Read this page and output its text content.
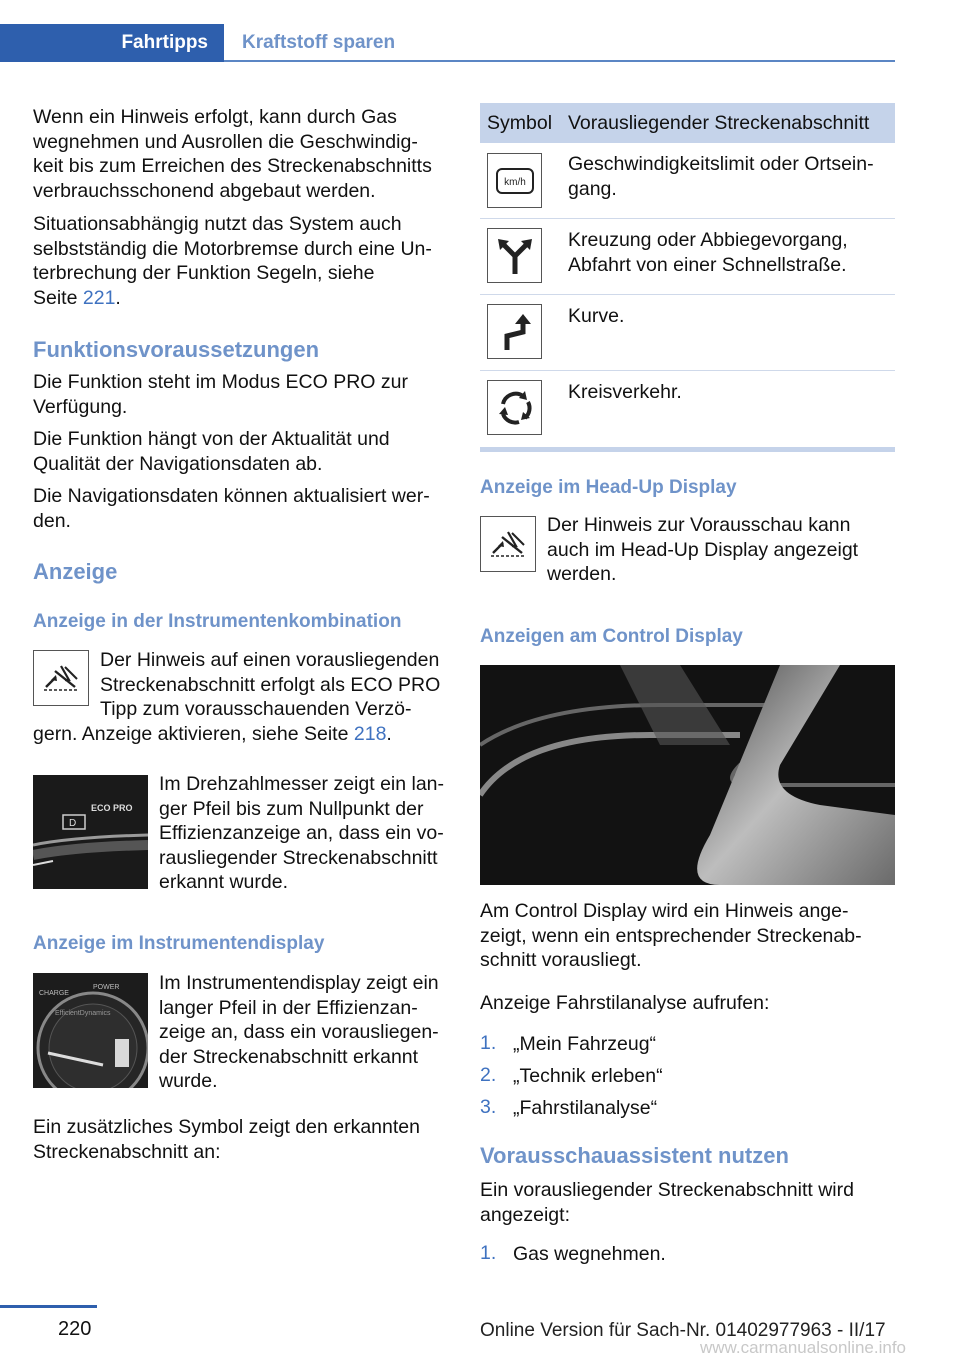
Fahrtipps	Kraftstoff sparen
Wenn ein Hinweis erfolgt, kann durch Gas
wegnehmen und Ausrollen die Geschwindig-
keit bis zum Erreichen des Streckenabschnitts
verbrauchsschonend abgebaut werden.
Situationsabhängig nutzt das System auch
selbstständig die Motorbremse durch eine Un-
terbrechung der Funktion Segeln, siehe
Seite 221.
Funktionsvoraussetzungen
Die Funktion steht im Modus ECO PRO zur
Verfügung.
Die Funktion hängt von der Aktualität und
Qualität der Navigationsdaten ab.
Die Navigationsdaten können aktualisiert wer-
den.
Anzeige
Anzeige in der Instrumentenkombination
Der Hinweis auf einen vorausliegenden
Streckenabschnitt erfolgt als ECO PRO
Tipp zum vorausschauenden Verzö-
gern. Anzeige aktivieren, siehe Seite 218.
D
ECO PRO
Im Drehzahlmesser zeigt ein lan-
ger Pfeil bis zum Nullpunkt der
Effizienzanzeige an, dass ein vo-
rausliegender Streckenabschnitt
erkannt wurde.
Anzeige im Instrumentendisplay
CHARGE
POWER
EfficientDynamics
Im Instrumentendisplay zeigt ein
langer Pfeil in der Effizienzan-
zeige an, dass ein vorausliegen-
der Streckenabschnitt erkannt
wurde.
Ein zusätzliches Symbol zeigt den erkannten
Streckenabschnitt an:
Symbol Vorausliegender Streckenabschnitt
km/h
Geschwindigkeitslimit oder Ortsein-
gang.
Kreuzung oder Abbiegevorgang,
Abfahrt von einer Schnellstraße.
Kurve.
Kreisverkehr.
Anzeige im Head-Up Display
Der Hinweis zur Vorausschau kann
auch im Head-Up Display angezeigt
werden.
Anzeigen am Control Display
Am Control Display wird ein Hinweis ange-
zeigt, wenn ein entsprechender Streckenab-
schnitt vorausliegt.
Anzeige Fahrstilanalyse aufrufen:
1. „Mein Fahrzeug“
2. „Technik erleben“
3. „Fahrstilanalyse“
Vorausschauassistent nutzen
Ein vorausliegender Streckenabschnitt wird
angezeigt:
1. Gas wegnehmen.
220	Online Version für Sach-Nr. 01402977963 - II/17
www.carmanualsonline.info
